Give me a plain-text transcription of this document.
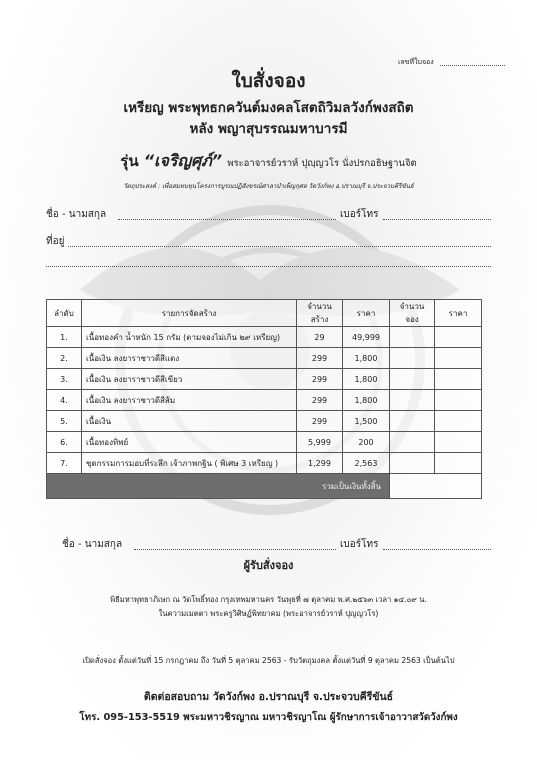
เลขที่ใบจอง
ใบสั่งจอง
เหรียญ พระพุทธกควันต์มงคลโสตถิวิมลวังก์พงสถิต
หลัง พญาสุบรรณมหาบารมี
รุ่น “เจริญศุภ์” พระอาจารย์วราห์ ปุญฺญวโร นั่งปรกอธิษฐานจิต
วัตถุประสงค์ : เพื่อสมทบทุนโครงการบูรณปฏิสังขรณ์ศาลาบำเพ็ญกุศล วัดวังก์พง อ.ปราณบุรี จ.ประจวบคีรีขันธ์
ชื่อ - นามสกุล	เบอร์โทร
ที่อยู่
ลำดับ	รายการจัดสร้าง	จำนวนสร้าง	ราคา	จำนวนจอง	ราคา
1.	เนื้อทองคำ น้ำหนัก 15 กรัม (ตามจองไม่เกิน ๒๙ เหรียญ)	29	49,999		
2.	เนื้อเงิน ลงยาราชาวดีสีแดง	299	1,800		
3.	เนื้อเงิน ลงยาราชาวดีสีเขียว	299	1,800		
4.	เนื้อเงิน ลงยาราชาวดีสีส้ม	299	1,800		
5.	เนื้อเงิน	299	1,500		
6.	เนื้อทองทิพย์	5,999	200		
7.	ชุดกรรมการมอบที่ระลึก เจ้าภาพกฐิน ( พิเศษ 3 เหรียญ )	1,299	2,563		
รวมเป็นเงินทั้งสิ้น					
ชื่อ - นามสกุล	เบอร์โทร
ผู้รับสั่งจอง
พิธีมหาพุทธาภิเษก ณ วัดโพธิ์ทอง กรุงเทพมหานคร วันพุธที่ ๗ ตุลาคม พ.ศ.๒๕๖๓ เวลา ๑๔.๐๙ น.
ในความเมตตา พระครูวิศิษฏ์พิทยาคม (พระอาจารย์วราห์ ปุญญวโร)
เปิดสั่งจอง ตั้งแต่วันที่ 15 กรกฎาคม ถึง วันที่ 5 ตุลาคม 2563 - รับวัตถุมงคล ตั้งแต่วันที่ 9 ตุลาคม 2563 เป็นต้นไป
ติดต่อสอบถาม วัดวังก์พง อ.ปราณบุรี จ.ประจวบคีรีขันธ์
โทร. 095-153-5519 พระมหาวชิรญาณ มหาวชิรญาโณ ผู้รักษาการเจ้าอาวาสวัดวังก์พง
